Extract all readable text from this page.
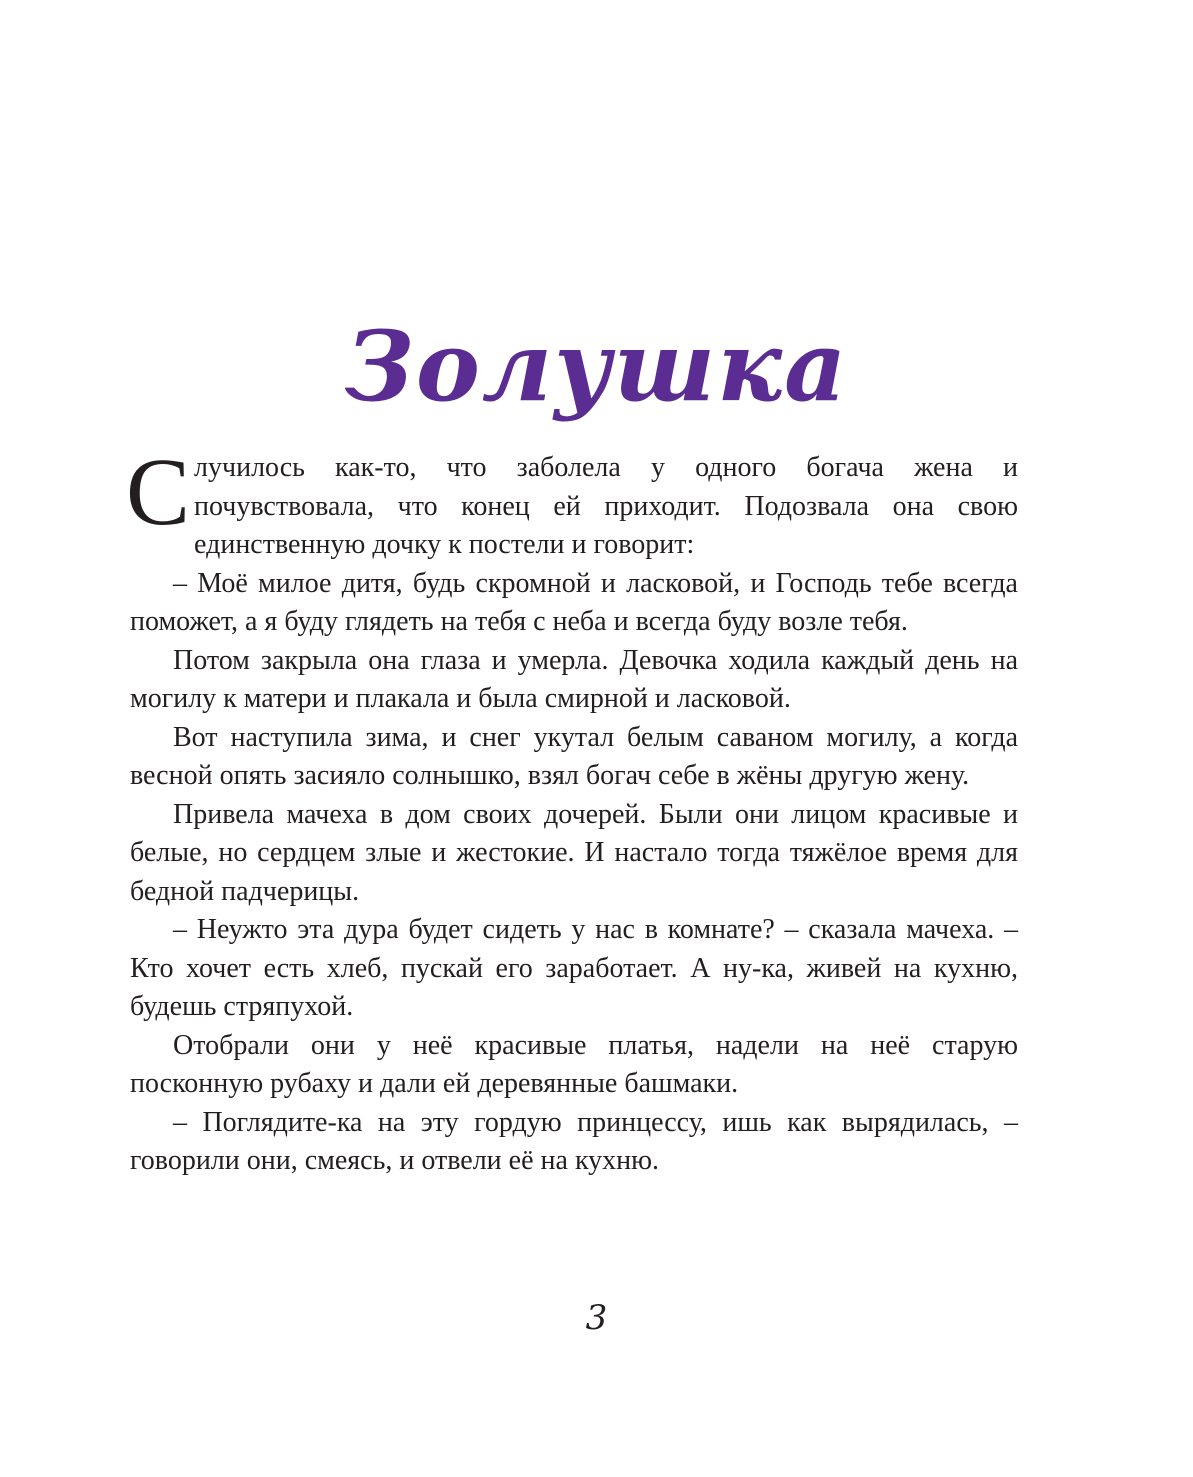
Золушка

Случилось как-то, что заболела у одного богача жена и почувствовала, что конец ей приходит. Подозвала она свою единственную дочку к постели и говорит:

– Моё милое дитя, будь скромной и ласковой, и Господь тебе всегда поможет, а я буду глядеть на тебя с неба и всегда буду возле тебя.

Потом закрыла она глаза и умерла. Девочка ходила каждый день на могилу к матери и плакала и была смирной и ласковой.

Вот наступила зима, и снег укутал белым саваном могилу, а когда весной опять засияло солнышко, взял богач себе в жёны другую жену.

Привела мачеха в дом своих дочерей. Были они лицом красивые и белые, но сердцем злые и жестокие. И настало тогда тяжёлое время для бедной падчерицы.

– Неужто эта дура будет сидеть у нас в комнате? – сказала мачеха. – Кто хочет есть хлеб, пускай его заработает. А ну-ка, живей на кухню, будешь стряпухой.

Отобрали они у неё красивые платья, надели на неё старую посконную рубаху и дали ей деревянные башмаки.

– Поглядите-ка на эту гордую принцессу, ишь как вырядилась, – говорили они, смеясь, и отвели её на кухню.

3
